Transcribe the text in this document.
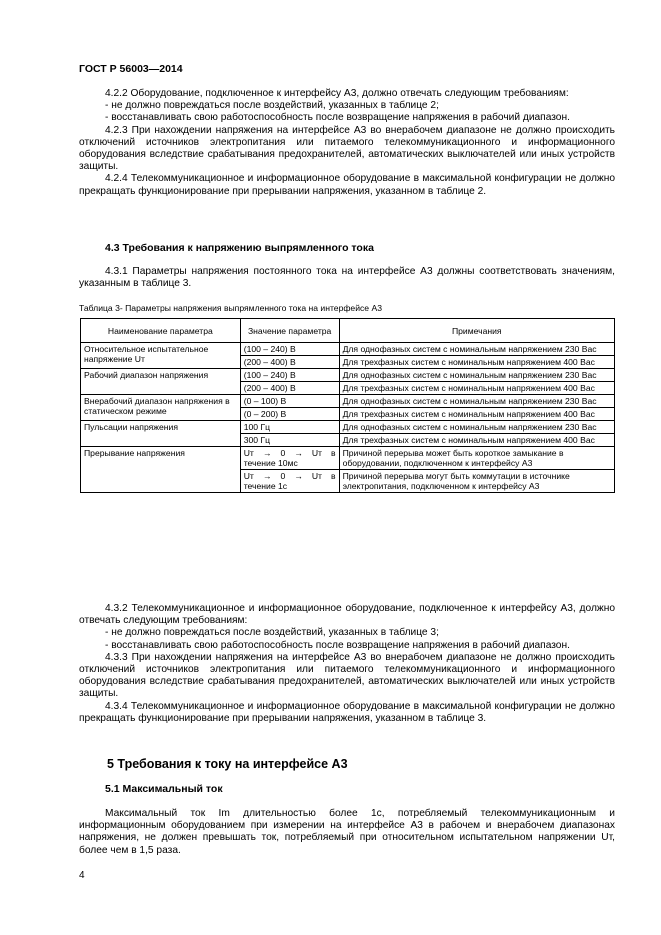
ГОСТ Р 56003—2014

4.2.2 Оборудование, подключенное к интерфейсу А3, должно отвечать следующим требованиям:

- не должно повреждаться после воздействий, указанных в таблице 2;

- восстанавливать свою работоспособность после возвращение напряжения в рабочий диапазон.

4.2.3 При нахождении напряжения на интерфейсе А3 во внерабочем диапазоне не должно происходить отключений источников электропитания или питаемого телекоммуникационного и информационного оборудования вследствие срабатывания предохранителей, автоматических выключателей или иных устройств защиты.

4.2.4 Телекоммуникационное и информационное оборудование в максимальной конфигурации не должно прекращать функционирование при прерывании напряжения, указанном в таблице 2.

4.3 Требования к напряжению выпрямленного тока

4.3.1 Параметры напряжения постоянного тока на интерфейсе А3 должны соответствовать значениям, указанным в таблице 3.

Таблица 3- Параметры напряжения выпрямленного тока на интерфейсе А3
Наименование параметра	Значение параметра	Примечания
Относительное испытательное напряжение Uт	(100 – 240) В	Для однофазных систем с номинальным напряжением 230 Вас
	(200 – 400) В	Для трехфазных систем с номинальным напряжением 400 Вас
Рабочий диапазон напряжения	(100 – 240) В	Для однофазных систем с номинальным напряжением 230 Вас
	(200 – 400) В	Для трехфазных систем с номинальным напряжением 400 Вас
Внерабочий диапазон напряжения в статическом режиме	(0 – 100) В	Для однофазных систем с номинальным напряжением 230 Вас
	(0 – 200) В	Для трехфазных систем с номинальным напряжением 400 Вас
Пульсации напряжения	100 Гц	Для однофазных систем с номинальным напряжением 230 Вас
	300 Гц	Для трехфазных систем с номинальным напряжением 400 Вас
Прерывание напряжения	Uт → 0 → Uт в течение 10мс	Причиной перерыва может быть короткое замыкание в оборудовании, подключенном к интерфейсу А3
	Uт → 0 → Uт в течение 1с	Причиной перерыва могут быть коммутации в источнике электропитания, подключенном к интерфейсу А3

4.3.2 Телекоммуникационное и информационное оборудование, подключенное к интерфейсу А3, должно отвечать следующим требованиям:

- не должно повреждаться после воздействий, указанных в таблице 3;

- восстанавливать свою работоспособность после возвращение напряжения в рабочий диапазон.

4.3.3 При нахождении напряжения на интерфейсе А3 во внерабочем диапазоне не должно происходить отключений источников электропитания или питаемого телекоммуникационного и информационного оборудования вследствие срабатывания предохранителей, автоматических выключателей или иных устройств защиты.

4.3.4 Телекоммуникационное и информационное оборудование в максимальной конфигурации не должно прекращать функционирование при прерывании напряжения, указанном в таблице 3.

5 Требования к току на интерфейсе А3
5.1 Максимальный ток

Максимальный ток Im длительностью более 1с, потребляемый телекоммуникационным и информационным оборудованием при измерении на интерфейсе А3 в рабочем и внерабочем диапазонах напряжения, не должен превышать ток, потребляемый при относительном испытательном напряжении Uт, более чем в 1,5 раза.

4
